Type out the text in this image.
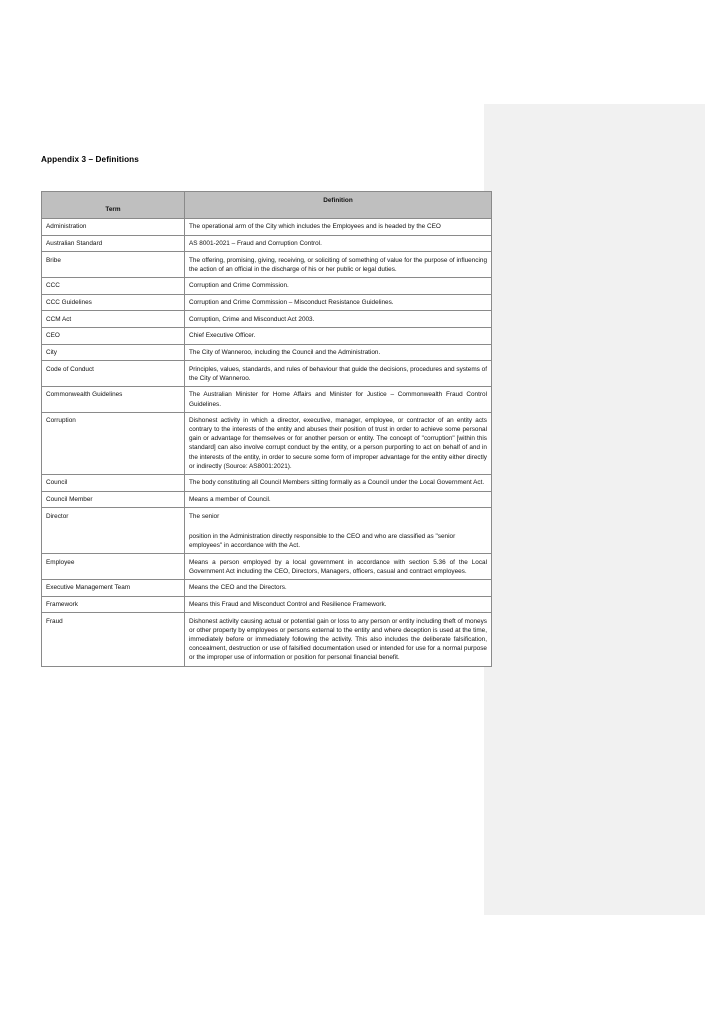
Appendix 3 – Definitions
Term	Definition

Administration	The operational arm of the City which includes the Employees and is headed by the CEO
Australian Standard	AS 8001-2021 – Fraud and Corruption Control.
Bribe	The offering, promising, giving, receiving, or soliciting of something of value for the purpose of influencing the action of an official in the discharge of his or her public or legal duties.
CCC	Corruption and Crime Commission.
CCC Guidelines	Corruption and Crime Commission – Misconduct Resistance Guidelines.
CCM Act	Corruption, Crime and Misconduct Act 2003.
CEO	Chief Executive Officer.
City	The City of Wanneroo, including the Council and the Administration.
Code of Conduct	Principles, values, standards, and rules of behaviour that guide the decisions, procedures and systems of the City of Wanneroo.
Commonwealth Guidelines	The Australian Minister for Home Affairs and Minister for Justice – Commonwealth Fraud Control Guidelines.
Corruption	Dishonest activity in which a director, executive, manager, employee, or contractor of an entity acts contrary to the interests of the entity and abuses their position of trust in order to achieve some personal gain or advantage for themselves or for another person or entity. The concept of "corruption" [within this standard] can also involve corrupt conduct by the entity, or a person purporting to act on behalf of and in the interests of the entity, in order to secure some form of improper advantage for the entity either directly or indirectly (Source: AS8001:2021).
Council	The body constituting all Council Members sitting formally as a Council under the Local Government Act.
Council Member	Means a member of Council.
Director	The senior
position in the Administration directly responsible to the CEO and who are classified as "senior employees" in accordance with the Act.

Employee	Means a person employed by a local government in accordance with section 5.36 of the Local Government Act including the CEO, Directors, Managers, officers, casual and contract employees.
Executive Management Team	Means the CEO and the Directors.
Framework	Means this Fraud and Misconduct Control and Resilience Framework.
Fraud	Dishonest activity causing actual or potential gain or loss to any person or entity including theft of moneys or other property by employees or persons external to the entity and where deception is used at the time, immediately before or immediately following the activity. This also includes the deliberate falsification, concealment, destruction or use of falsified documentation used or intended for use for a normal purpose or the improper use of information or position for personal financial benefit.
